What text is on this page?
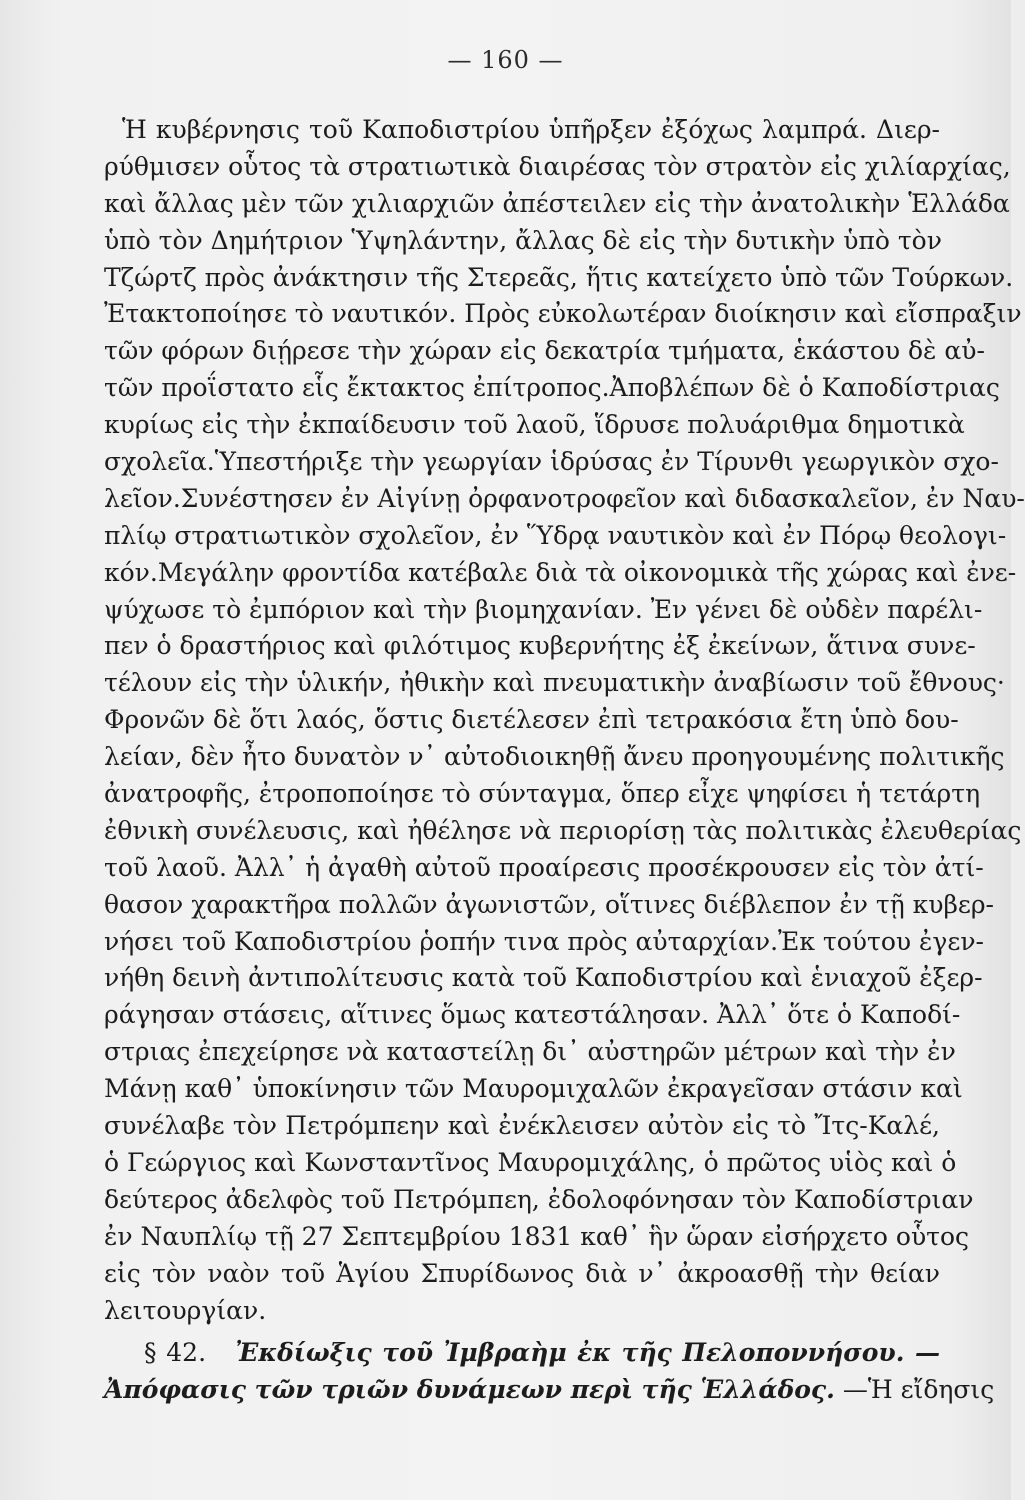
— 160 —
Ἡ κυβέρνησις τοῦ Καποδιστρίου ὑπῆρξεν ἐξόχως λαμπρά. Διερ-
ρύθμισεν οὗτος τὰ στρατιωτικὰ διαιρέσας τὸν στρατὸν εἰς χιλίαρχίας,
καὶ ἄλλας μὲν τῶν χιλιαρχιῶν ἀπέστειλεν εἰς τὴν ἀνατολικὴν Ἑλλάδα
ὑπὸ τὸν Δημήτριον Ὑψηλάντην, ἄλλας δὲ εἰς τὴν δυτικὴν ὑπὸ τὸν
Τζώρτζ πρὸς ἀνάκτησιν τῆς Στερεᾶς, ἥτις κατείχετο ὑπὸ τῶν Τούρκων.
Ἐτακτοποίησε τὸ ναυτικόν. Πρὸς εὐκολωτέραν διοίκησιν καὶ εἴσπραξιν
τῶν φόρων διῄρεσε τὴν χώραν εἰς δεκατρία τμήματα, ἑκάστου δὲ αὐ-
τῶν προΐστατο εἷς ἔκτακτος ἐπίτροπος.Ἀποβλέπων δὲ ὁ Καποδίστριας
κυρίως εἰς τὴν ἐκπαίδευσιν τοῦ λαοῦ, ἵδρυσε πολυάριθμα δημοτικὰ
σχολεῖα.Ὑπεστήριξε τὴν γεωργίαν ἱδρύσας ἐν Τίρυνθι γεωργικὸν σχο-
λεῖον.Συνέστησεν ἐν Αἰγίνῃ ὀρφανοτροφεῖον καὶ διδασκαλεῖον, ἐν Ναυ-
πλίῳ στρατιωτικὸν σχολεῖον, ἐν Ὕδρᾳ ναυτικὸν καὶ ἐν Πόρῳ θεολογι-
κόν.Μεγάλην φροντίδα κατέβαλε διὰ τὰ οἰκονομικὰ τῆς χώρας καὶ ἐνε-
ψύχωσε τὸ ἐμπόριον καὶ τὴν βιομηχανίαν. Ἐν γένει δὲ οὐδὲν παρέλι-
πεν ὁ δραστήριος καὶ φιλότιμος κυβερνήτης ἐξ ἐκείνων, ἅτινα συνε-
τέλουν εἰς τὴν ὑλικήν, ἠθικὴν καὶ πνευματικὴν ἀναβίωσιν τοῦ ἔθνους·
Φρονῶν δὲ ὅτι λαός, ὅστις διετέλεσεν ἐπὶ τετρακόσια ἔτη ὑπὸ δου-
λείαν, δὲν ἦτο δυνατὸν ν᾽ αὐτοδιοικηθῇ ἄνευ προηγουμένης πολιτικῆς
ἀνατροφῆς, ἐτροποποίησε τὸ σύνταγμα, ὅπερ εἶχε ψηφίσει ἡ τετάρτη
ἐθνικὴ συνέλευσις, καὶ ἠθέλησε νὰ περιορίσῃ τὰς πολιτικὰς ἐλευθερίας
τοῦ λαοῦ. Ἀλλ᾽ ἡ ἀγαθὴ αὐτοῦ προαίρεσις προσέκρουσεν εἰς τὸν ἀτί-
θασον χαρακτῆρα πολλῶν ἀγωνιστῶν, οἵτινες διέβλεπον ἐν τῇ κυβερ-
νήσει τοῦ Καποδιστρίου ῥοπήν τινα πρὸς αὐταρχίαν.Ἐκ τούτου ἐγεν-
νήθη δεινὴ ἀντιπολίτευσις κατὰ τοῦ Καποδιστρίου καὶ ἑνιαχοῦ ἐξερ-
ράγησαν στάσεις, αἵτινες ὅμως κατεστάλησαν. Ἀλλ᾽ ὅτε ὁ Καποδί-
στριας ἐπεχείρησε νὰ καταστείλῃ δι᾽ αὐστηρῶν μέτρων καὶ τὴν ἐν
Μάνῃ καθ᾽ ὑποκίνησιν τῶν Μαυρομιχαλῶν ἐκραγεῖσαν στάσιν καὶ
συνέλαβε τὸν Πετρόμπεην καὶ ἐνέκλεισεν αὐτὸν εἰς τὸ Ἴτς-Καλέ,
ὁ Γεώργιος καὶ Κωνσταντῖνος Μαυρομιχάλης, ὁ πρῶτος υἱὸς καὶ ὁ
δεύτερος ἀδελφὸς τοῦ Πετρόμπεη, ἐδολοφόνησαν τὸν Καποδίστριαν
ἐν Ναυπλίῳ τῇ 27 Σεπτεμβρίου 1831 καθ᾽ ἣν ὥραν εἰσήρχετο οὗτος
εἰς τὸν ναὸν τοῦ Ἁγίου Σπυρίδωνος διὰ ν᾽ ἀκροασθῇ τὴν θείαν
λειτουργίαν.
§ 42. Ἐκδίωξις τοῦ Ἰμβραὴμ ἐκ τῆς Πελοποννήσου. —
Ἀπόφασις τῶν τριῶν δυνάμεων περὶ τῆς Ἑλλάδος. —Ἡ εἴδησις
